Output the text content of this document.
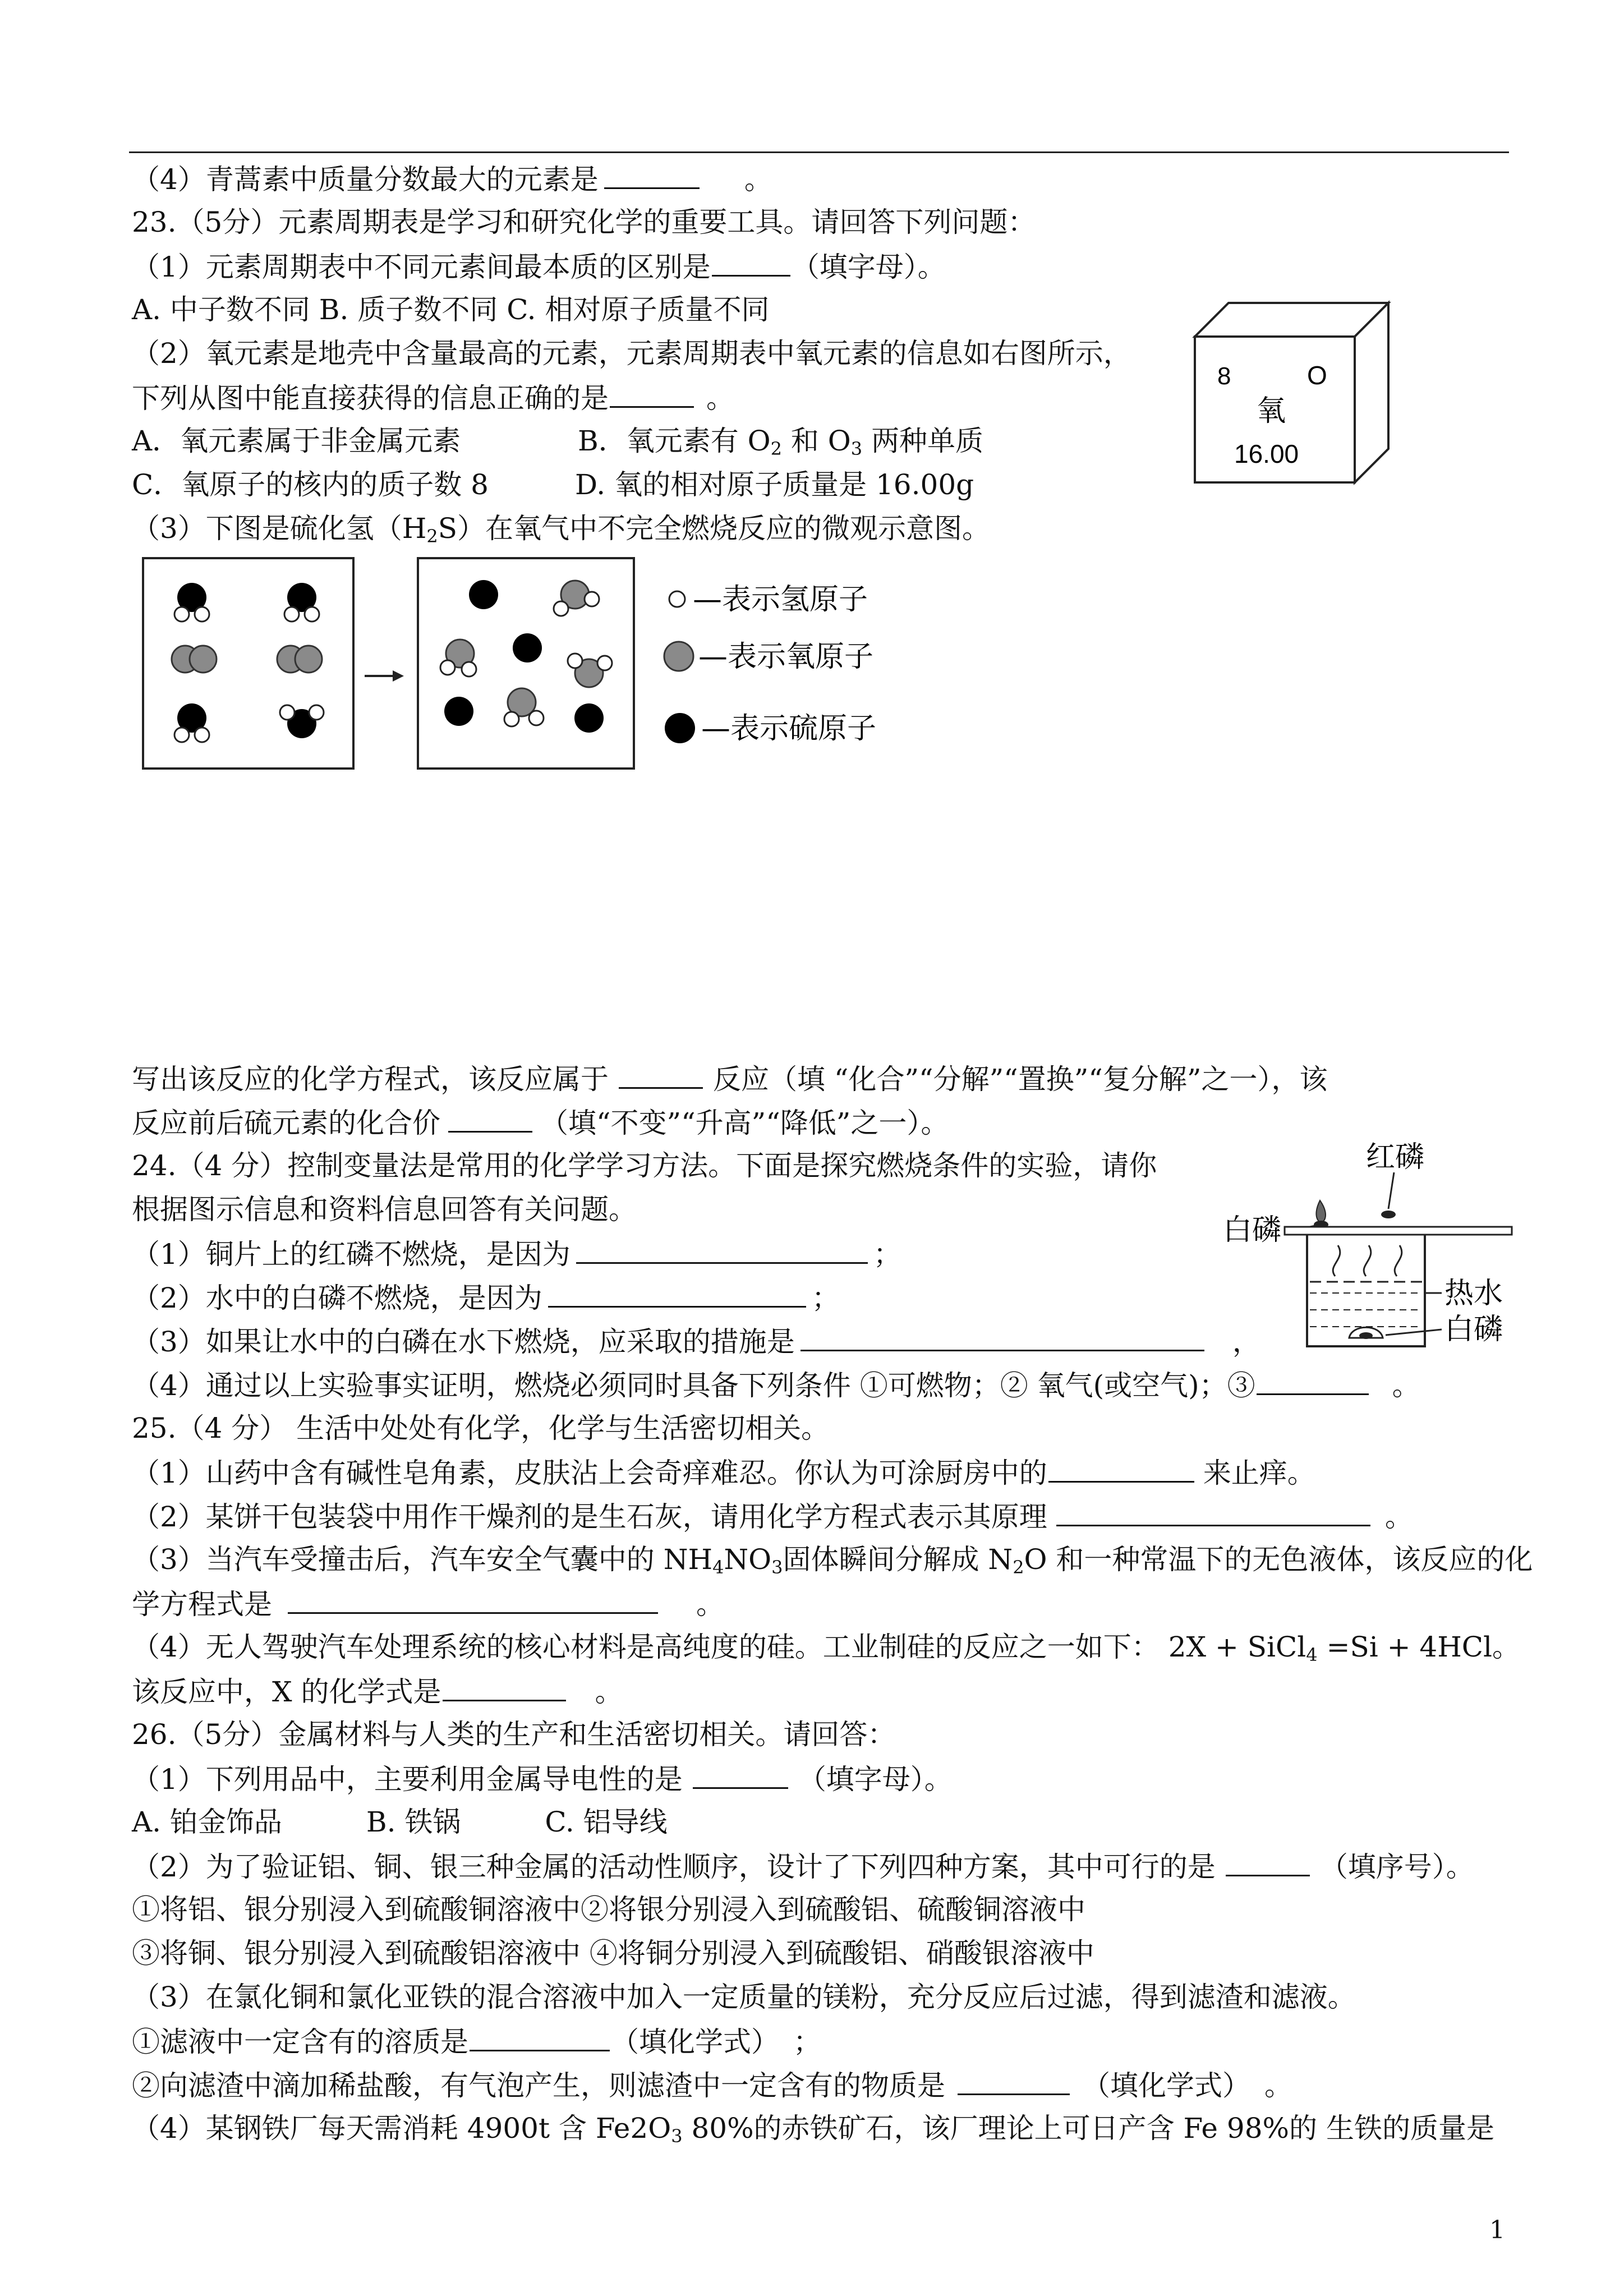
（4）青蒿素中质量分数最大的元素是	。
23.（5分）元素周期表是学习和研究化学的重要工具。请回答下列问题：
（1）元素周期表中不同元素间最本质的区别是	（填字母）。
A. 中子数不同 B. 质子数不同 C. 相对原子质量不同
（2）氧元素是地壳中含量最高的元素，元素周期表中氧元素的信息如右图所示，
下列从图中能直接获得的信息正确的是	。
A．氧元素属于非金属元素	B．氧元素有 $O_2$ 和 $O_3$ 两种单质
C．氧原子的核内的质子数 8	D. 氧的相对原子质量是 16.00g
（3）下图是硫化氢$(H_2S)$在氧气中不完全燃烧反应的微观示意图。
8	O
氧
16.00
—表示氢原子
—表示氧原子
—表示硫原子
写出该反应的化学方程式，该反应属于	反应（填 “化合”“分解”“置换”“复分解”之一），该
反应前后硫元素的化合价	（填“不变”“升高”“降低”之一）。
24.（4 分）控制变量法是常用的化学学习方法。下面是探究燃烧条件的实验，请你
根据图示信息和资料信息回答有关问题。
（1）铜片上的红磷不燃烧，是因为	；
（2）水中的白磷不燃烧，是因为	；
（3）如果让水中的白磷在水下燃烧，应采取的措施是	，
（4）通过以上实验事实证明，燃烧必须同时具备下列条件 ①可燃物；② 氧气(或空气)；③	。
红磷
白磷
热水
白磷
25.（4 分） 生活中处处有化学，化学与生活密切相关。
（1）山药中含有碱性皂角素，皮肤沾上会奇痒难忍。你认为可涂厨房中的	来止痒。
（2）某饼干包装袋中用作干燥剂的是生石灰，请用化学方程式表示其原理	。
（3）当汽车受撞击后，汽车安全气囊中的 $NH_4NO_3$固体瞬间分解成 $N_2O$ 和一种常温下的无色液体，该反应的化
学方程式是	。
（4）无人驾驶汽车处理系统的核心材料是高纯度的硅。工业制硅的反应之一如下： 2X + SiCl$_4$ =Si + 4HCl。
该反应中，X 的化学式是	。
26.（5分）金属材料与人类的生产和生活密切相关。请回答：
（1）下列用品中，主要利用金属导电性的是	（填字母）。
A. 铂金饰品　　　B. 铁锅　　　C. 铝导线
（2）为了验证铝、铜、银三种金属的活动性顺序，设计了下列四种方案，其中可行的是	（填序号）。
①将铝、银分别浸入到硫酸铜溶液中②将银分别浸入到硫酸铝、硫酸铜溶液中
③将铜、银分别浸入到硫酸铝溶液中 ④将铜分别浸入到硫酸铝、硝酸银溶液中
（3）在氯化铜和氯化亚铁的混合溶液中加入一定质量的镁粉，充分反应后过滤，得到滤渣和滤液。
①滤液中一定含有的溶质是	（填化学式）　；
②向滤渣中滴加稀盐酸，有气泡产生，则滤渣中一定含有的物质是	（填化学式）　。
（4）某钢铁厂每天需消耗 4900t 含 $Fe2O_3$ 80%的赤铁矿石，该厂理论上可日产含 Fe 98%的 生铁的质量是
1
